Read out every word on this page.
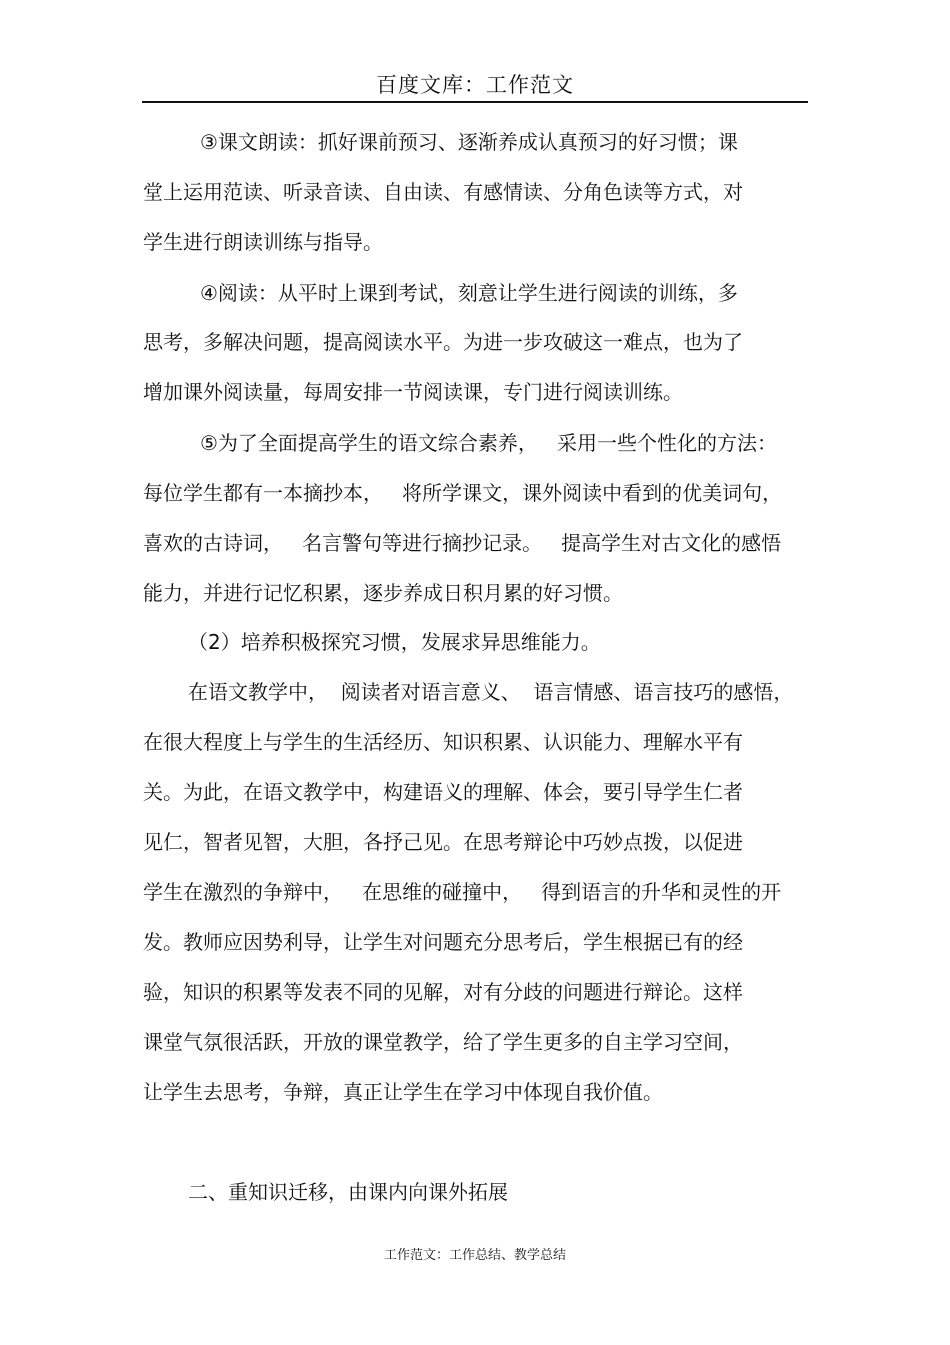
百度文库：工作范文
③课文朗读：抓好课前预习、逐渐养成认真预习的好习惯；课
堂上运用范读、听录音读、自由读、有感情读、分角色读等方式，对
学生进行朗读训练与指导。
④阅读：从平时上课到考试，刻意让学生进行阅读的训练，多
思考，多解决问题，提高阅读水平。为进一步攻破这一难点，也为了
增加课外阅读量，每周安排一节阅读课，专门进行阅读训练。
⑤为了全面提高学生的语文综合素养，   采用一些个性化的方法：
每位学生都有一本摘抄本，   将所学课文，课外阅读中看到的优美词句，
喜欢的古诗词，   名言警句等进行摘抄记录。   提高学生对古文化的感悟
能力，并进行记忆积累，逐步养成日积月累的好习惯。
（2）培养积极探究习惯，发展求异思维能力。
在语文教学中，  阅读者对语言意义、  语言情感、语言技巧的感悟，
在很大程度上与学生的生活经历、知识积累、认识能力、理解水平有
关。为此，在语文教学中，构建语义的理解、体会，要引导学生仁者
见仁，智者见智，大胆，各抒己见。在思考辩论中巧妙点拨，以促进
学生在激烈的争辩中，   在思维的碰撞中，   得到语言的升华和灵性的开
发。教师应因势利导，让学生对问题充分思考后，学生根据已有的经
验，知识的积累等发表不同的见解，对有分歧的问题进行辩论。这样
课堂气氛很活跃，开放的课堂教学，给了学生更多的自主学习空间，
让学生去思考，争辩，真正让学生在学习中体现自我价值。
二、重知识迁移，由课内向课外拓展
工作范文：工作总结、教学总结
